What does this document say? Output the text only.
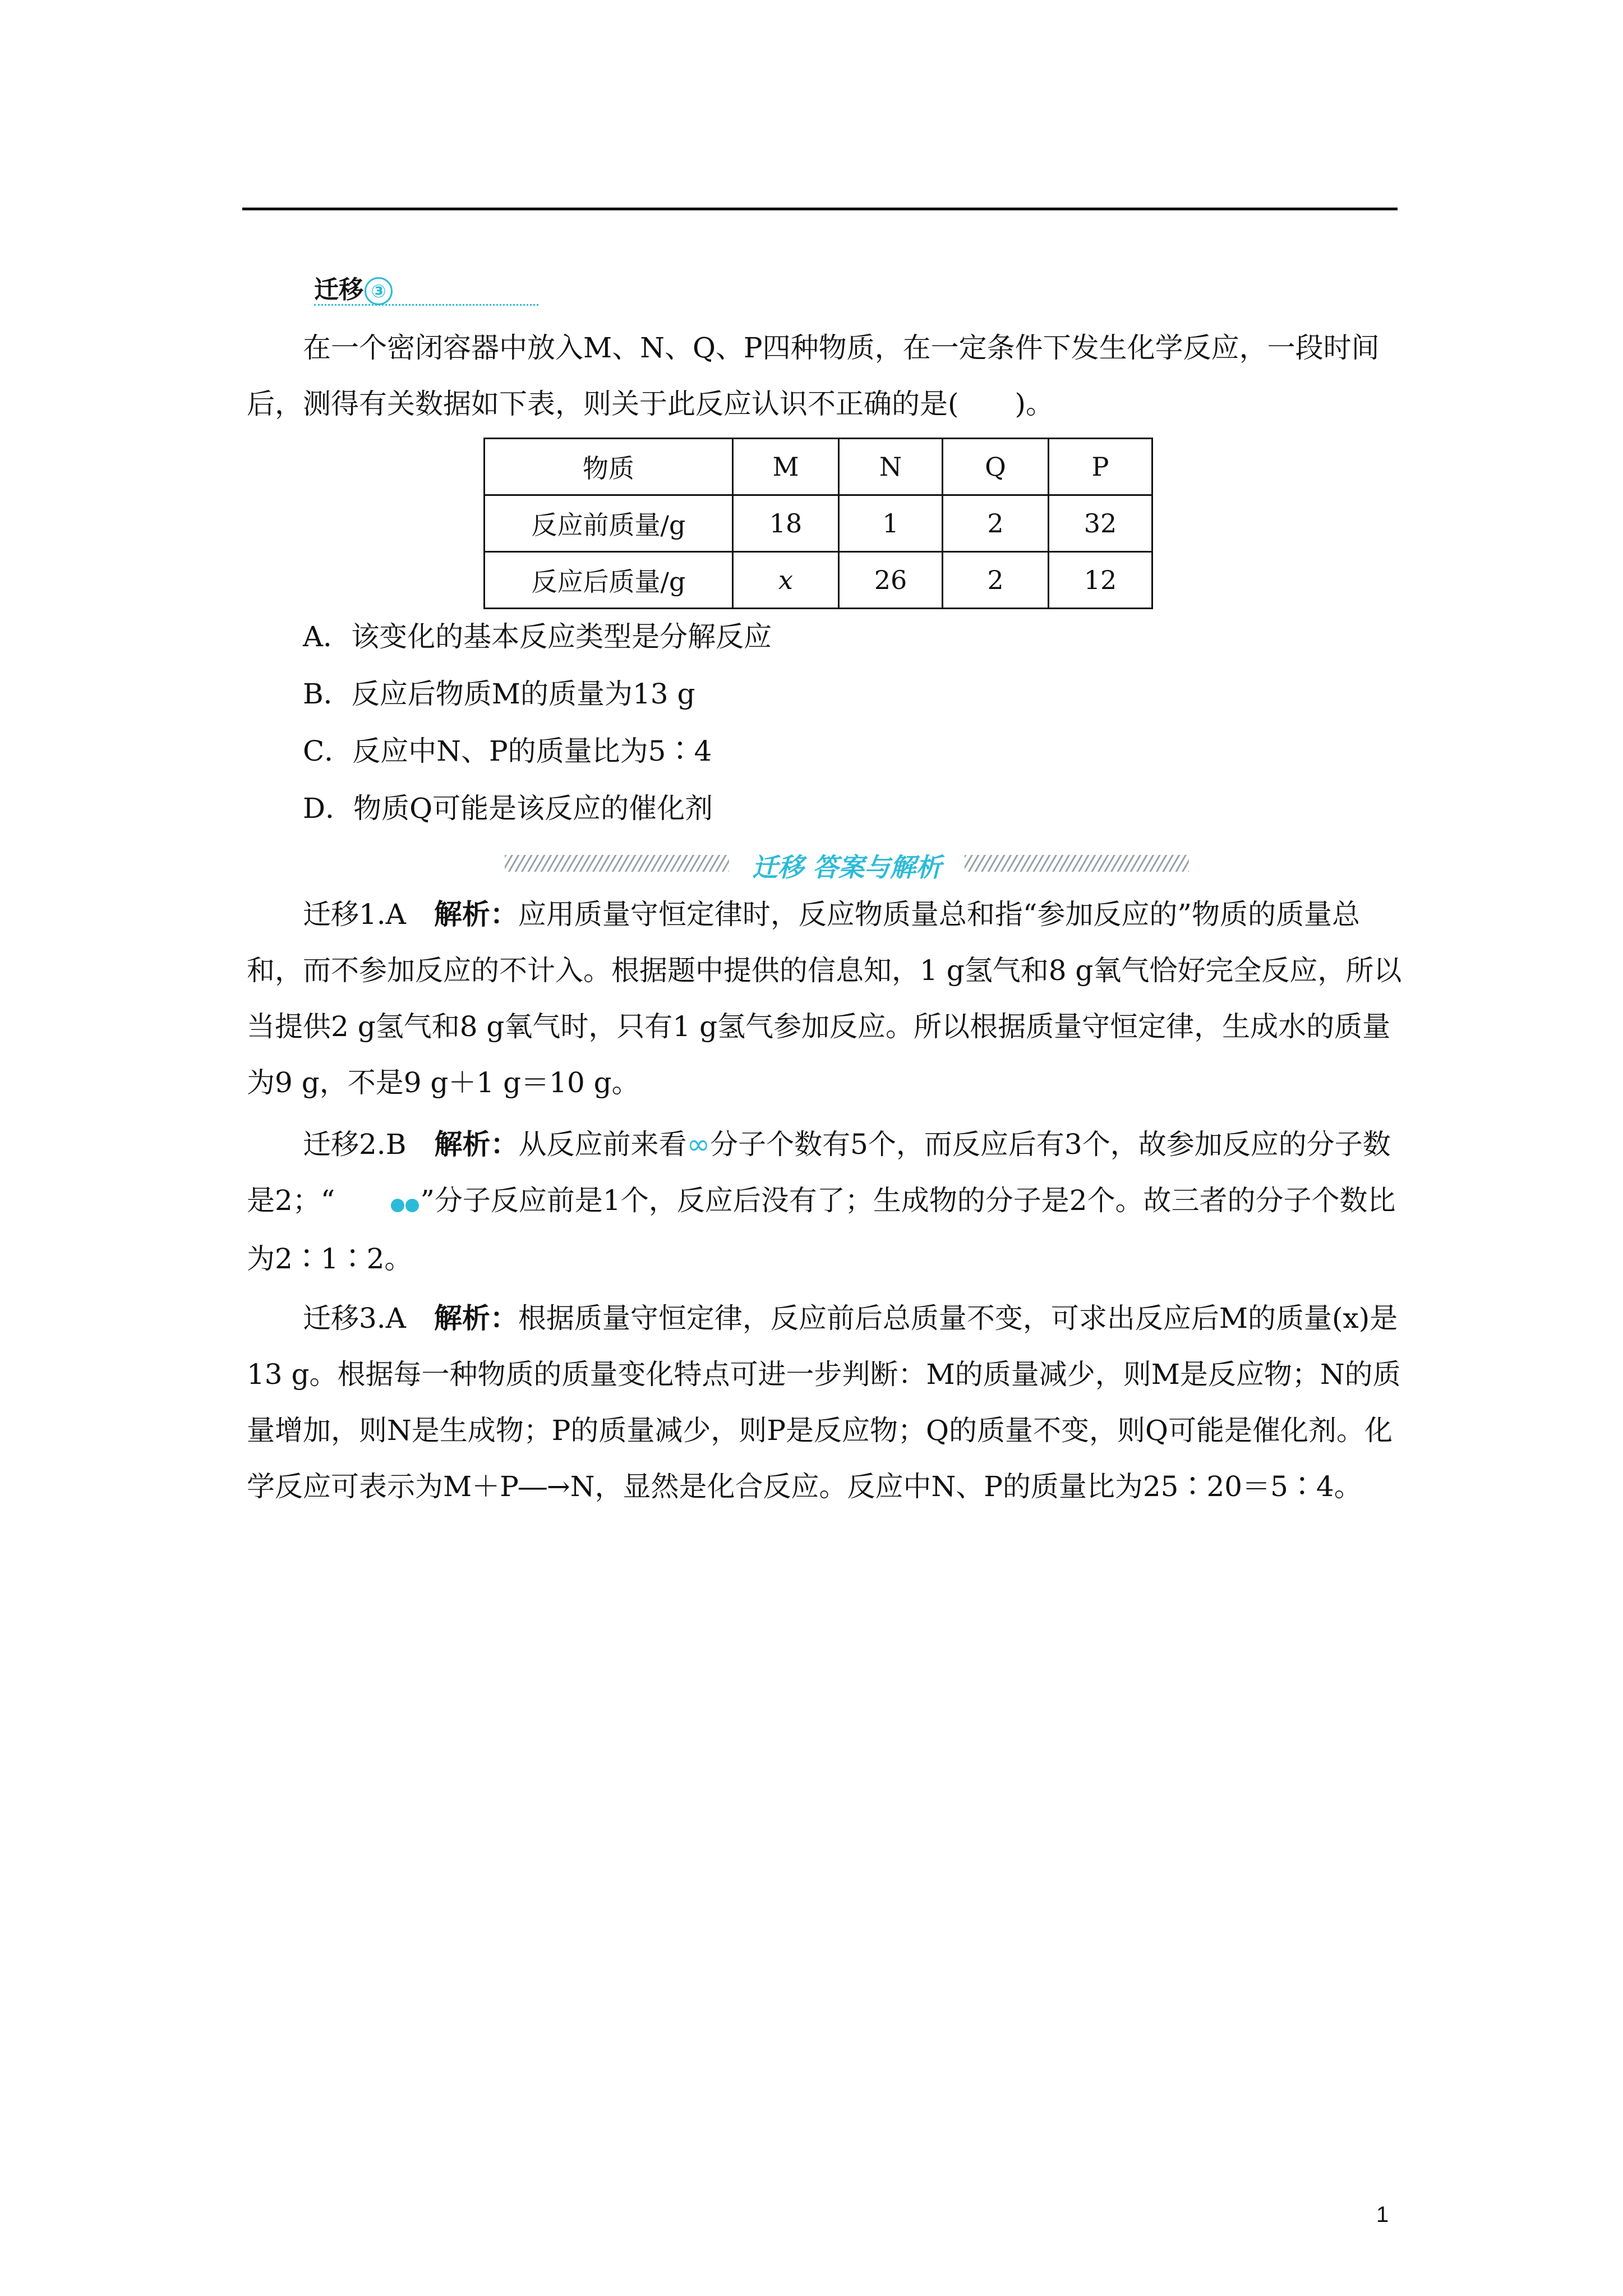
迁移 ③
在一个密闭容器中放入M、N、Q、P四种物质，在一定条件下发生化学反应，一段时间后，测得有关数据如下表，则关于此反应认识不正确的是(　　)。
物质	M	N	Q	P
反应前质量/g	18	1	2	32
反应后质量/g	x	26	2	12
A．该变化的基本反应类型是分解反应
B．反应后物质M的质量为13 g
C．反应中N、P的质量比为5∶4
D．物质Q可能是该反应的催化剂
迁移 答案与解析
迁移1.A　 解析：应用质量守恒定律时，反应物质量总和指“参加反应的”物质的质量总和，而不参加反应的不计入。根据题中提供的信息知，1 g氢气和8 g氧气恰好完全反应，所以当提供2 g氢气和8 g氧气时，只有1 g氢气参加反应。所以根据质量守恒定律，生成水的质量为9 g，不是9 g＋1 g＝10 g。
迁移2.B　 解析：从反应前来看∞分子个数有5个，而反应后有3个，故参加反应的分子数是2；“	”分子反应前是1个，反应后没有了；生成物的分子是2个。故三者的分子个数比为2∶1∶2。
迁移3.A　 解析：根据质量守恒定律，反应前后总质量不变，可求出反应后M的质量(x)是13 g。根据每一种物质的质量变化特点可进一步判断：M的质量减少，则M是反应物；N的质量增加，则N是生成物；P的质量减少，则P是反应物；Q的质量不变，则Q可能是催化剂。化学反应可表示为M＋P―→N，显然是化合反应。反应中N、P的质量比为25∶20＝5∶4。
1
